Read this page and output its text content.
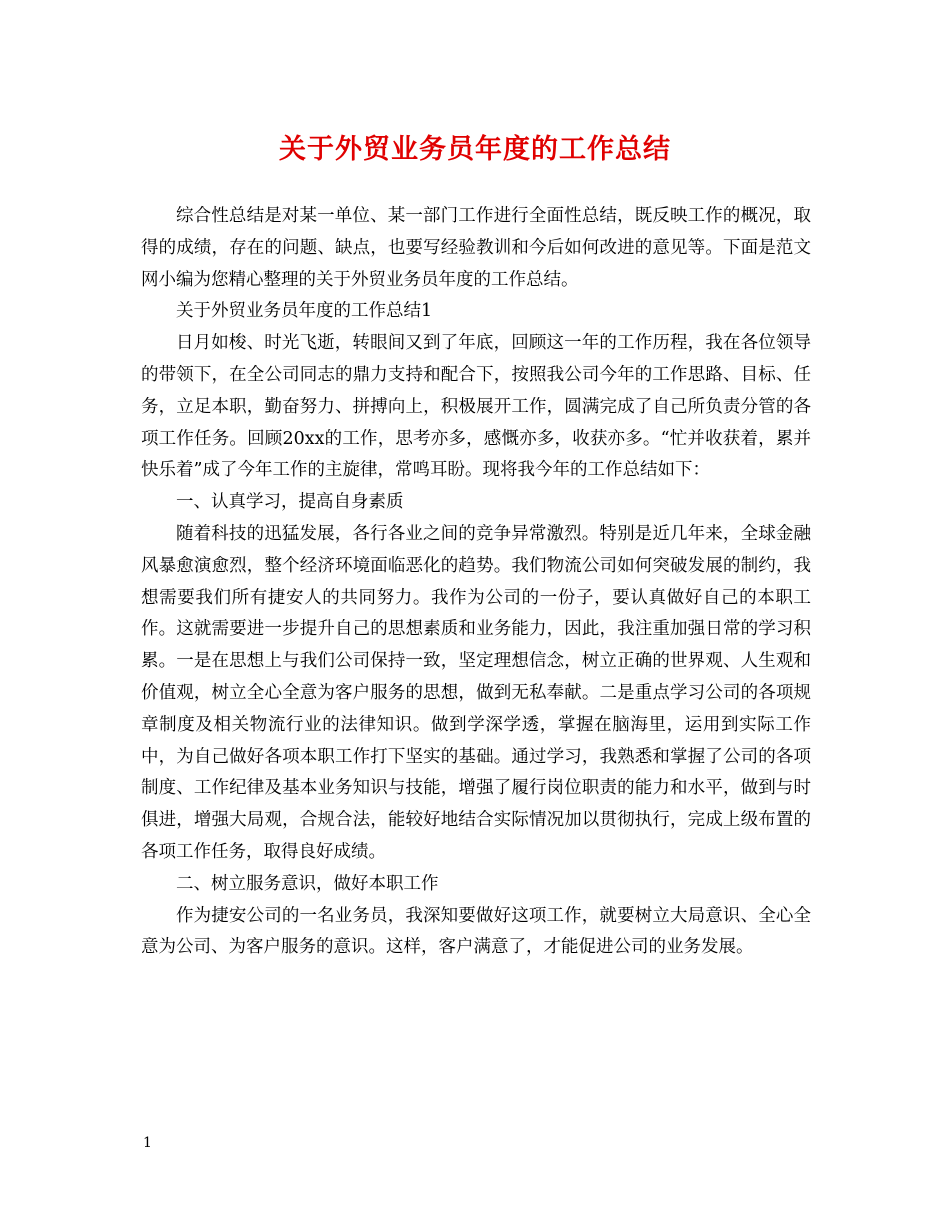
关于外贸业务员年度的工作总结

综合性总结是对某一单位、某一部门工作进行全面性总结，既反映工作的概况，取得的成绩，存在的问题、缺点，也要写经验教训和今后如何改进的意见等。下面是范文网小编为您精心整理的关于外贸业务员年度的工作总结。

关于外贸业务员年度的工作总结1

日月如梭、时光飞逝，转眼间又到了年底，回顾这一年的工作历程，我在各位领导的带领下，在全公司同志的鼎力支持和配合下，按照我公司今年的工作思路、目标、任务，立足本职，勤奋努力、拼搏向上，积极展开工作，圆满完成了自己所负责分管的各项工作任务。回顾20xx的工作，思考亦多，感慨亦多，收获亦多。“忙并收获着，累并快乐着”成了今年工作的主旋律，常鸣耳盼。现将我今年的工作总结如下：

一、认真学习，提高自身素质

随着科技的迅猛发展，各行各业之间的竞争异常激烈。特别是近几年来，全球金融风暴愈演愈烈，整个经济环境面临恶化的趋势。我们物流公司如何突破发展的制约，我想需要我们所有捷安人的共同努力。我作为公司的一份子，要认真做好自己的本职工作。这就需要进一步提升自己的思想素质和业务能力，因此，我注重加强日常的学习积累。一是在思想上与我们公司保持一致，坚定理想信念，树立正确的世界观、人生观和价值观，树立全心全意为客户服务的思想，做到无私奉献。二是重点学习公司的各项规章制度及相关物流行业的法律知识。做到学深学透，掌握在脑海里，运用到实际工作中，为自己做好各项本职工作打下坚实的基础。通过学习，我熟悉和掌握了公司的各项制度、工作纪律及基本业务知识与技能，增强了履行岗位职责的能力和水平，做到与时俱进，增强大局观，合规合法，能较好地结合实际情况加以贯彻执行，完成上级布置的各项工作任务，取得良好成绩。

二、树立服务意识，做好本职工作

作为捷安公司的一名业务员，我深知要做好这项工作，就要树立大局意识、全心全意为公司、为客户服务的意识。这样，客户满意了，才能促进公司的业务发展。

1
